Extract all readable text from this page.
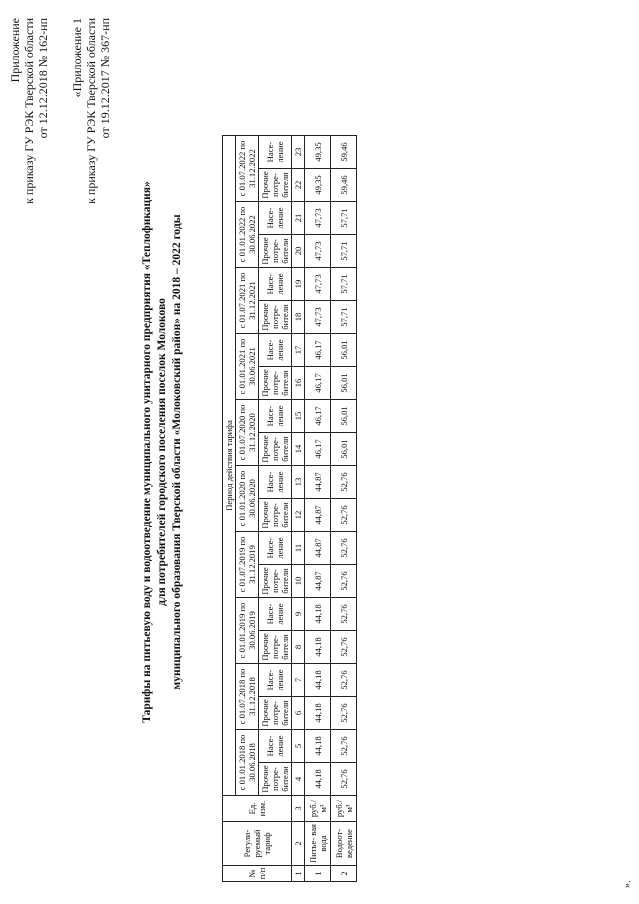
Приложение к приказу ГУ РЭК Тверской области от 12.12.2018 № 162-нп «Приложение 1 к приказу ГУ РЭК Тверской области от 19.12.2017 № 367-нп
Тарифы на питьевую воду и водоотведение муниципального унитарного предприятия «Теплофикация» для потребителей городского поселения поселок Молоково муниципального образования Тверской области «Молоковский район» на 2018 – 2022 годы
№ п/п	Регули- руемый тариф	Ед. изм.	Период действия тарифа																			
			с 01.01.2018 по 30.06.2018		с 01.07.2018 по 31.12.2018		с 01.01.2019 по 30.06.2019		с 01.07.2019 по 31.12.2019		с 01.01.2020 по 30.06.2020		с 01.07.2020 по 31.12.2020		с 01.01.2021 по 30.06.2021		с 01.07.2021 по 31.12.2021		с 01.01.2022 по 30.06.2022		с 01.07.2022 по 31.12.2022	
			Прочие потре- бители	Насе- ление	Прочие потре- бители	Насе- ление	Прочие потре- бители	Насе- ление	Прочие потре- бители	Насе- ление	Прочие потре- бители	Насе- ление	Прочие потре- бители	Насе- ление	Прочие потре- бители	Насе- ление	Прочие потре- бители	Насе- ление	Прочие потре- бители	Насе- ление	Прочие потре- бители	Насе- ление
1	2	3	4	5	6	7	8	9	10	11	12	13	14	15	16	17	18	19	20	21	22	23
1	Питье- вая вода	руб./м³	44,18	44,18	44,18	44,18	44,18	44,18	44,87	44,87	44,87	44,87	46,17	46,17	46,17	46,17	47,73	47,73	47,73	47,73	49,35	49,35
2	Водоот- ведение	руб./м³	52,76	52,76	52,76	52,76	52,76	52,76	52,76	52,76	52,76	52,76	56,01	56,01	56,01	56,01	57,71	57,71	57,71	57,71	59,46	59,46
».
